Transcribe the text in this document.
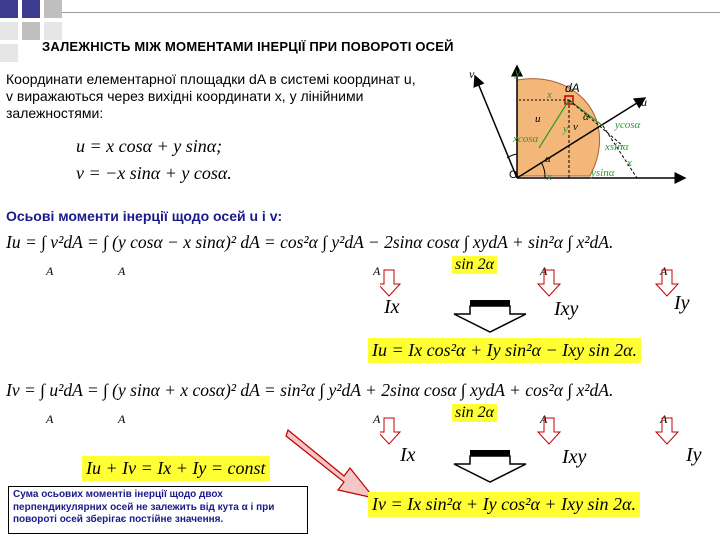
ЗАЛЕЖНІСТЬ МІЖ МОМЕНТАМИ ІНЕРЦІЇ ПРИ ПОВОРОТІ ОСЕЙ
Координати елементарної площадки dA в системі координат u, v виражаються через вихідні координати x, y лінійними залежностями:
u = x cosα + y sinα;
v = −x sinα + y cosα.
v	y
x dA
u
u	ycosα
y v
α
xcosα
xsinα
α	x
O	x	ysinα
Осьові моменти інерції щодо осей u і v:
Iu = ∫ v²dA = ∫ (y cosα − x sinα)² dA = cos²α ∫ y²dA − 2sinα cosα ∫ xydA + sin²α ∫ x²dA.
A	A	A	A	A
sin 2α
Ix	Ixy	Iy
Iu = Ix cos²α + Iy sin²α − Ixy sin 2α.
Iv = ∫ u²dA = ∫ (y sinα + x cosα)² dA = sin²α ∫ y²dA + 2sinα cosα ∫ xydA + cos²α ∫ x²dA.
A	A	A	A	A
sin 2α
Ix	Ixy	Iy
Iu + Iv = Ix + Iy = const
Сума осьових моментів інерції щодо двох перпендикулярних осей не залежить від кута α і при повороті осей зберігає постійне значення.
Iv = Ix sin²α + Iy cos²α + Ixy sin 2α.
